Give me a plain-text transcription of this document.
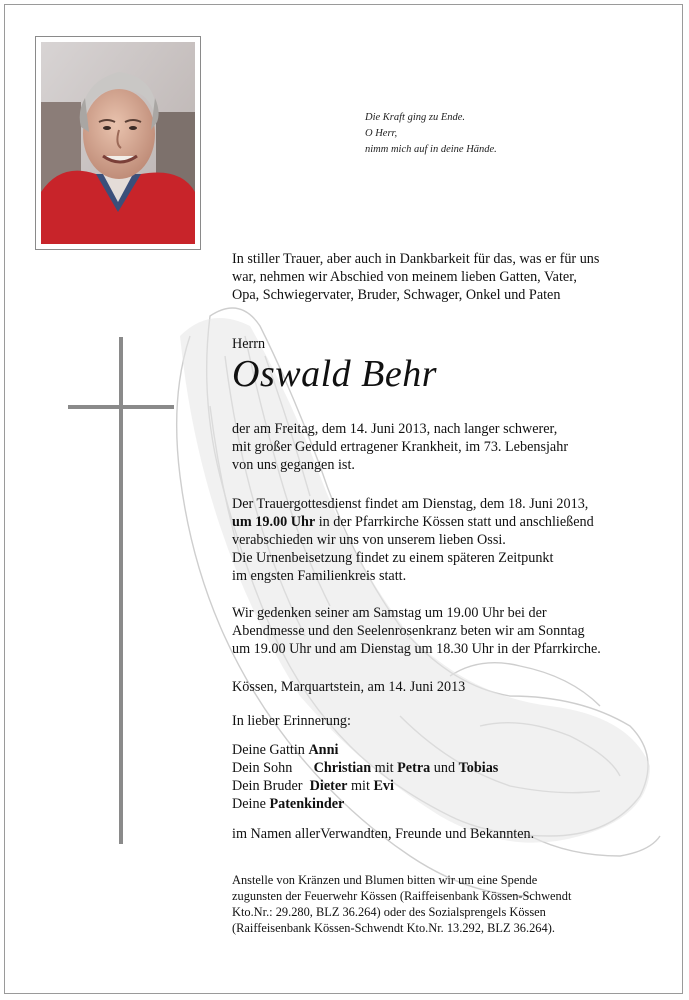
Die Kraft ging zu Ende.
O Herr,
nimm mich auf in deine Hände.
In stiller Trauer, aber auch in Dankbarkeit für das, was er für uns
war, nehmen wir Abschied von meinem lieben Gatten, Vater,
Opa, Schwiegervater, Bruder, Schwager, Onkel und Paten
Herrn
Oswald Behr
der am Freitag, dem 14. Juni 2013, nach langer schwerer,
mit großer Geduld ertragener Krankheit, im 73. Lebensjahr
von uns gegangen ist.
Der Trauergottesdienst findet am Dienstag, dem 18. Juni 2013,
um 19.00 Uhr in der Pfarrkirche Kössen statt und anschließend
verabschieden wir uns von unserem lieben Ossi.
Die Urnenbeisetzung findet zu einem späteren Zeitpunkt
im engsten Familienkreis statt.
Wir gedenken seiner am Samstag um 19.00 Uhr bei der
Abendmesse und den Seelenrosenkranz beten wir am Sonntag
um 19.00 Uhr und am Dienstag um 18.30 Uhr in der Pfarrkirche.
Kössen, Marquartstein, am 14. Juni 2013
In lieber Erinnerung:
Deine Gattin Anni
Dein Sohn      Christian mit Petra und Tobias
Dein Bruder  Dieter mit Evi
Deine Patenkinder
im Namen allerVerwandten, Freunde und Bekannten.
Anstelle von Kränzen und Blumen bitten wir um eine Spende
zugunsten der Feuerwehr Kössen (Raiffeisenbank Kössen-Schwendt
Kto.Nr.: 29.280, BLZ 36.264) oder des Sozialsprengels Kössen
(Raiffeisenbank Kössen-Schwendt Kto.Nr. 13.292, BLZ 36.264).
